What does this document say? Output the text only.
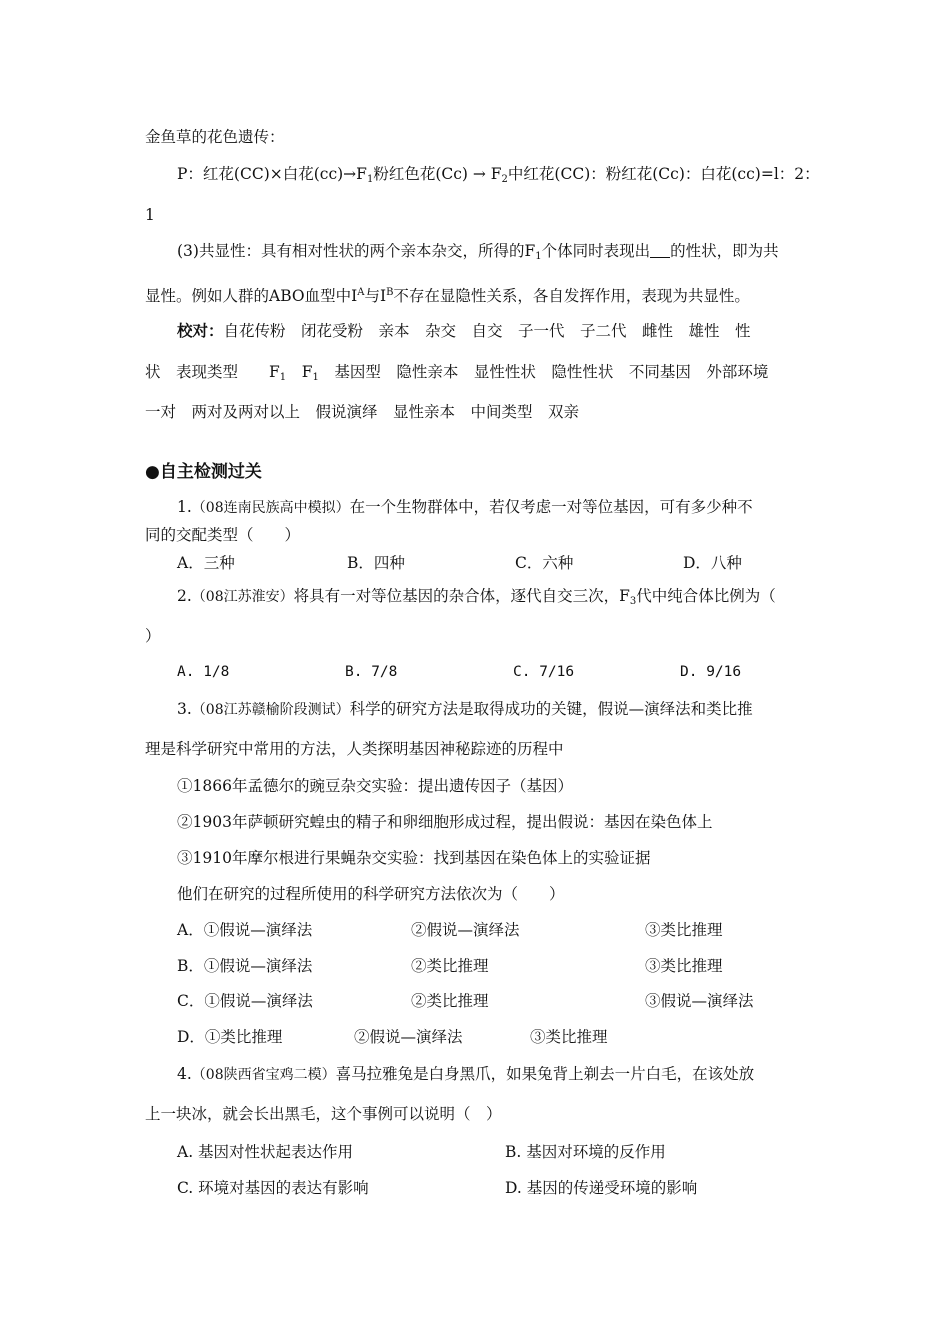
金鱼草的花色遗传：
P：红花(CC)×白花$(cc)\to F_1$粉红色花$(Cc) \to F_2$中红花(CC)：粉红花(Cc)：白花(cc)=l：2：
1
(3)共显性：具有相对性状的两个亲本杂交，所得的$F_1$个体同时表现出 的性状，即为共
显性。例如人群的ABO血型中$I^A$与$I^B$不存在显隐性关系，各自发挥作用，表现为共显性。
校对：自花传粉　闭花受粉　亲本　杂交　自交　子一代　子二代　雌性　雄性　性
状　表现类型　　$F_1$　 $F_1$　基因型　隐性亲本　显性性状　隐性性状　不同基因　外部环境
一对　两对及两对以上　假说演绎　显性亲本　中间类型　双亲
●自主检测过关
1.（08连南民族高中模拟）在一个生物群体中，若仅考虑一对等位基因，可有多少种不
同的交配类型（　　）
A．三种	B．四种	C．六种	D．八种
2.（08江苏淮安）将具有一对等位基因的杂合体，逐代自交三次，$F_3$代中纯合体比例为（
）
A. 1/8	B. 7/8	C. 7/16	D. 9/16
3.（08江苏赣榆阶段测试）科学的研究方法是取得成功的关键，假说—演绎法和类比推
理是科学研究中常用的方法，人类探明基因神秘踪迹的历程中
①1866年孟德尔的豌豆杂交实验：提出遗传因子（基因）
②1903年萨顿研究蝗虫的精子和卵细胞形成过程，提出假说：基因在染色体上
③1910年摩尔根进行果蝇杂交实验：找到基因在染色体上的实验证据
他们在研究的过程所使用的科学研究方法依次为（　　）
A．①假说—演绎法	②假说—演绎法	③类比推理
B．①假说—演绎法	②类比推理	③类比推理
C．①假说—演绎法	②类比推理	③假说—演绎法
D．①类比推理	②假说—演绎法	③类比推理
4.（08陕西省宝鸡二模）喜马拉雅兔是白身黑爪，如果兔背上剃去一片白毛，在该处放
上一块冰，就会长出黑毛，这个事例可以说明（　）
A. 基因对性状起表达作用	B. 基因对环境的反作用
C. 环境对基因的表达有影响	D. 基因的传递受环境的影响
